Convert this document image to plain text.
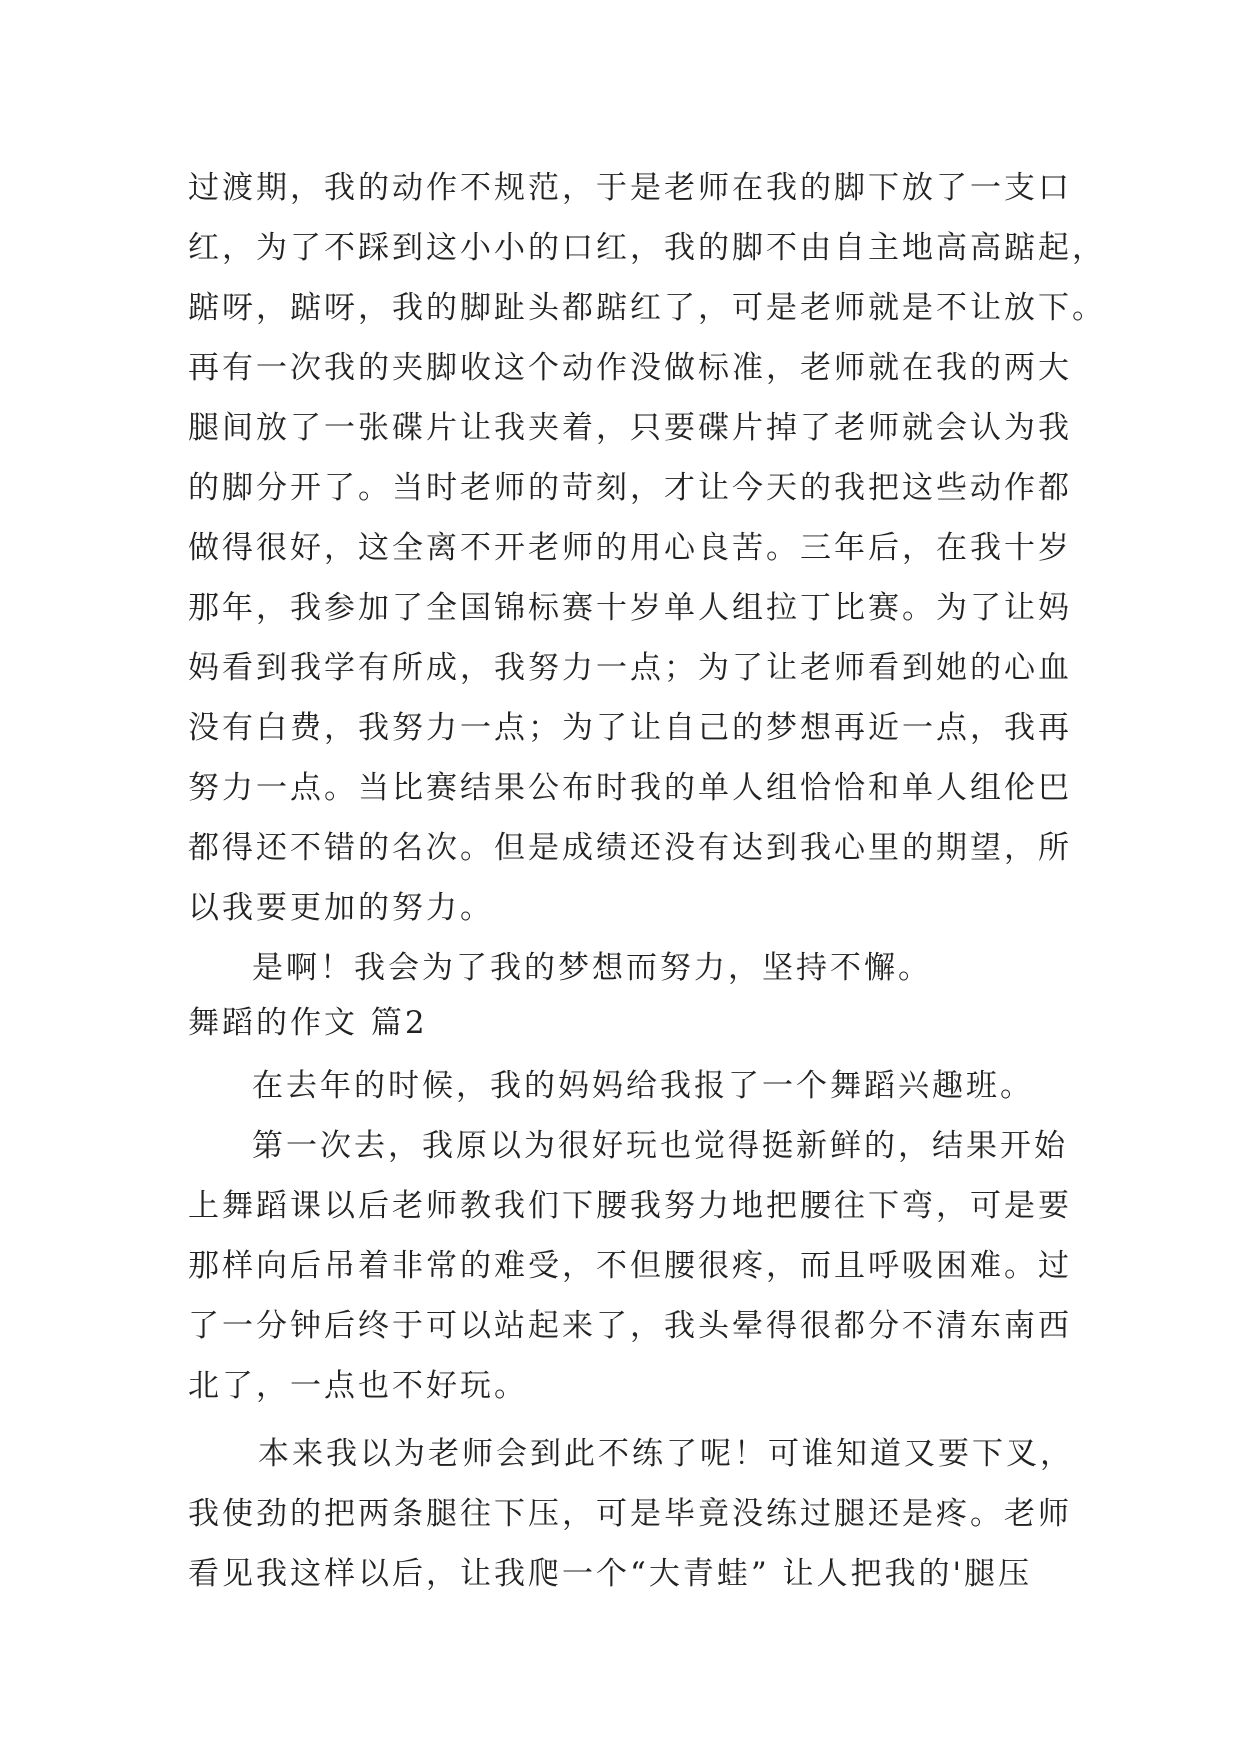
过渡期，我的动作不规范，于是老师在我的脚下放了一支口
红，为了不踩到这小小的口红，我的脚不由自主地高高踮起，
踮呀，踮呀，我的脚趾头都踮红了，可是老师就是不让放下。
再有一次我的夹脚收这个动作没做标准，老师就在我的两大
腿间放了一张碟片让我夹着，只要碟片掉了老师就会认为我
的脚分开了。当时老师的苛刻，才让今天的我把这些动作都
做得很好，这全离不开老师的用心良苦。三年后，在我十岁
那年，我参加了全国锦标赛十岁单人组拉丁比赛。为了让妈
妈看到我学有所成，我努力一点；为了让老师看到她的心血
没有白费，我努力一点；为了让自己的梦想再近一点，我再
努力一点。当比赛结果公布时我的单人组恰恰和单人组伦巴
都得还不错的名次。但是成绩还没有达到我心里的期望，所
以我要更加的努力。
是啊！我会为了我的梦想而努力，坚持不懈。
舞蹈的作文 篇2
在去年的时候，我的妈妈给我报了一个舞蹈兴趣班。
第一次去，我原以为很好玩也觉得挺新鲜的，结果开始
上舞蹈课以后老师教我们下腰我努力地把腰往下弯，可是要
那样向后吊着非常的难受，不但腰很疼，而且呼吸困难。过
了一分钟后终于可以站起来了，我头晕得很都分不清东南西
北了，一点也不好玩。
本来我以为老师会到此不练了呢！可谁知道又要下叉，
我使劲的把两条腿往下压，可是毕竟没练过腿还是疼。老师
看见我这样以后，让我爬一个“大青蛙” 让人把我的'腿压
